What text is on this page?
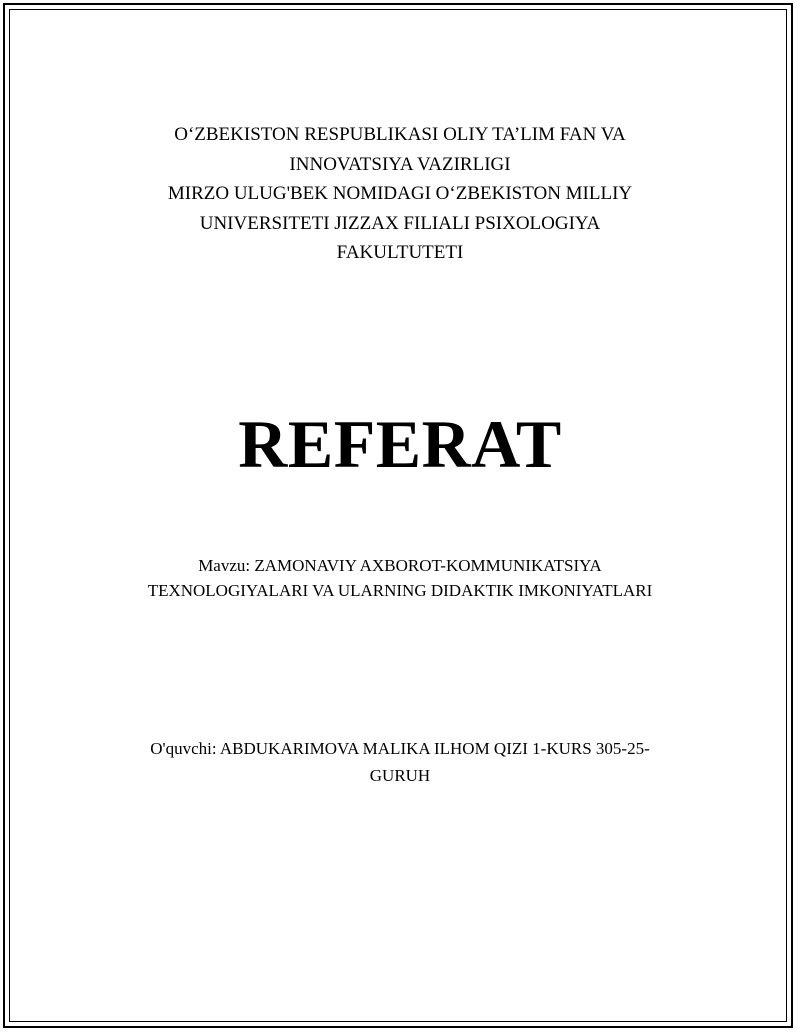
O‘ZBEKISTON RESPUBLIKASI OLIY TA’LIM FAN VA
INNOVATSIYA VAZIRLIGI
MIRZO ULUG'BEK NOMIDAGI O‘ZBEKISTON MILLIY
UNIVERSITETI JIZZAX FILIALI PSIXOLOGIYA
FAKULTUTETI
REFERAT
Mavzu: ZAMONAVIY AXBOROT-KOMMUNIKATSIYA
TEXNOLOGIYALARI VA ULARNING DIDAKTIK IMKONIYATLARI
O'quvchi: ABDUKARIMOVA MALIKA ILHOM QIZI 1-KURS 305-25-
GURUH
